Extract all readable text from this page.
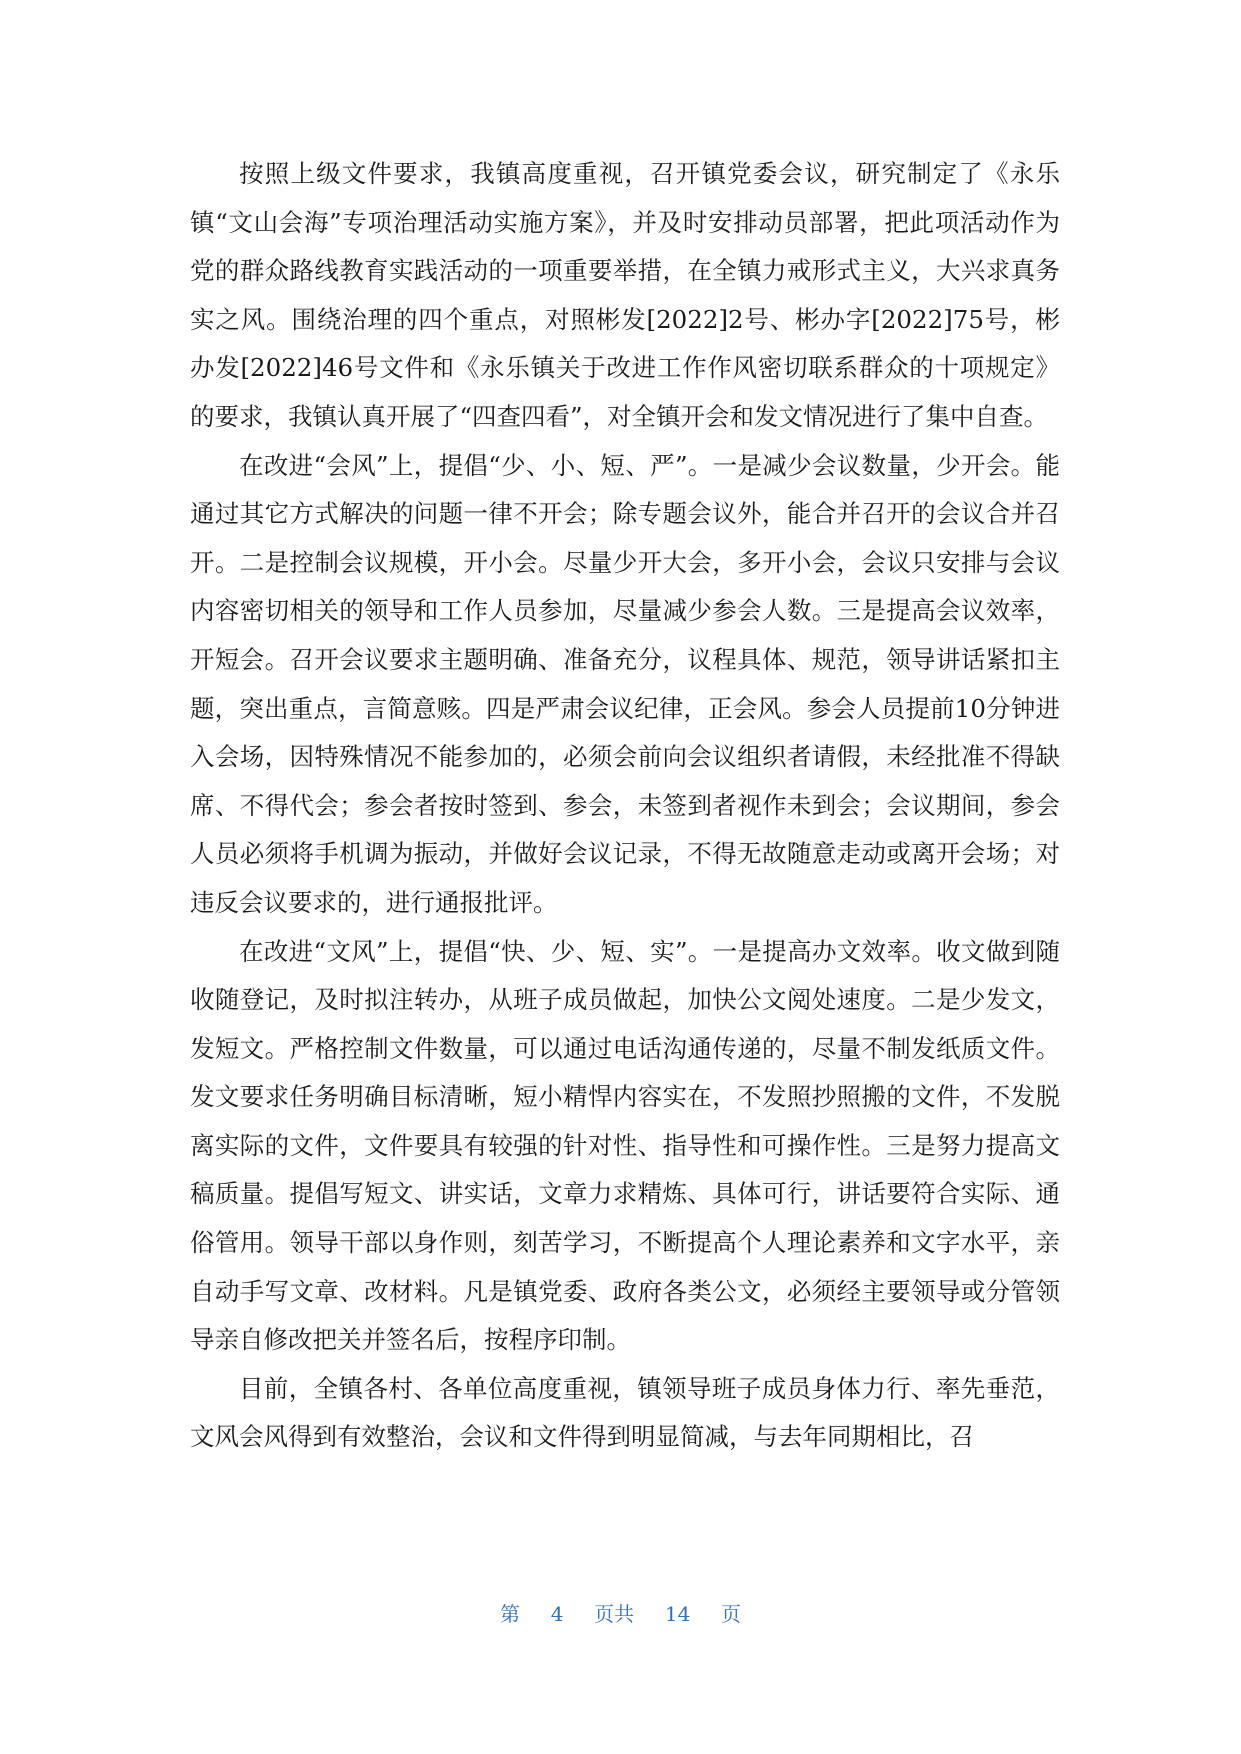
按照上级文件要求，我镇高度重视，召开镇党委会议，研究制定了《永乐镇“文山会海”专项治理活动实施方案》，并及时安排动员部署，把此项活动作为党的群众路线教育实践活动的一项重要举措，在全镇力戒形式主义，大兴求真务实之风。围绕治理的四个重点，对照彬发[2022]2号、彬办字[2022]75号，彬办发[2022]46号文件和《永乐镇关于改进工作作风密切联系群众的十项规定》的要求，我镇认真开展了“四查四看”，对全镇开会和发文情况进行了集中自查。

在改进“会风”上，提倡“少、小、短、严”。一是减少会议数量，少开会。能通过其它方式解决的问题一律不开会；除专题会议外，能合并召开的会议合并召开。二是控制会议规模，开小会。尽量少开大会，多开小会，会议只安排与会议内容密切相关的领导和工作人员参加，尽量减少参会人数。三是提高会议效率，开短会。召开会议要求主题明确、准备充分，议程具体、规范，领导讲话紧扣主题，突出重点，言简意赅。四是严肃会议纪律，正会风。参会人员提前10分钟进入会场，因特殊情况不能参加的，必须会前向会议组织者请假，未经批准不得缺席、不得代会；参会者按时签到、参会，未签到者视作未到会；会议期间，参会人员必须将手机调为振动，并做好会议记录，不得无故随意走动或离开会场；对违反会议要求的，进行通报批评。

在改进“文风”上，提倡“快、少、短、实”。一是提高办文效率。收文做到随收随登记，及时拟注转办，从班子成员做起，加快公文阅处速度。二是少发文，发短文。严格控制文件数量，可以通过电话沟通传递的，尽量不制发纸质文件。发文要求任务明确目标清晰，短小精悍内容实在，不发照抄照搬的文件，不发脱离实际的文件，文件要具有较强的针对性、指导性和可操作性。三是努力提高文稿质量。提倡写短文、讲实话，文章力求精炼、具体可行，讲话要符合实际、通俗管用。领导干部以身作则，刻苦学习，不断提高个人理论素养和文字水平，亲自动手写文章、改材料。凡是镇党委、政府各类公文，必须经主要领导或分管领导亲自修改把关并签名后，按程序印制。

目前，全镇各村、各单位高度重视，镇领导班子成员身体力行、率先垂范，文风会风得到有效整治，会议和文件得到明显简减，与去年同期相比，召

第 4 页共 14 页
